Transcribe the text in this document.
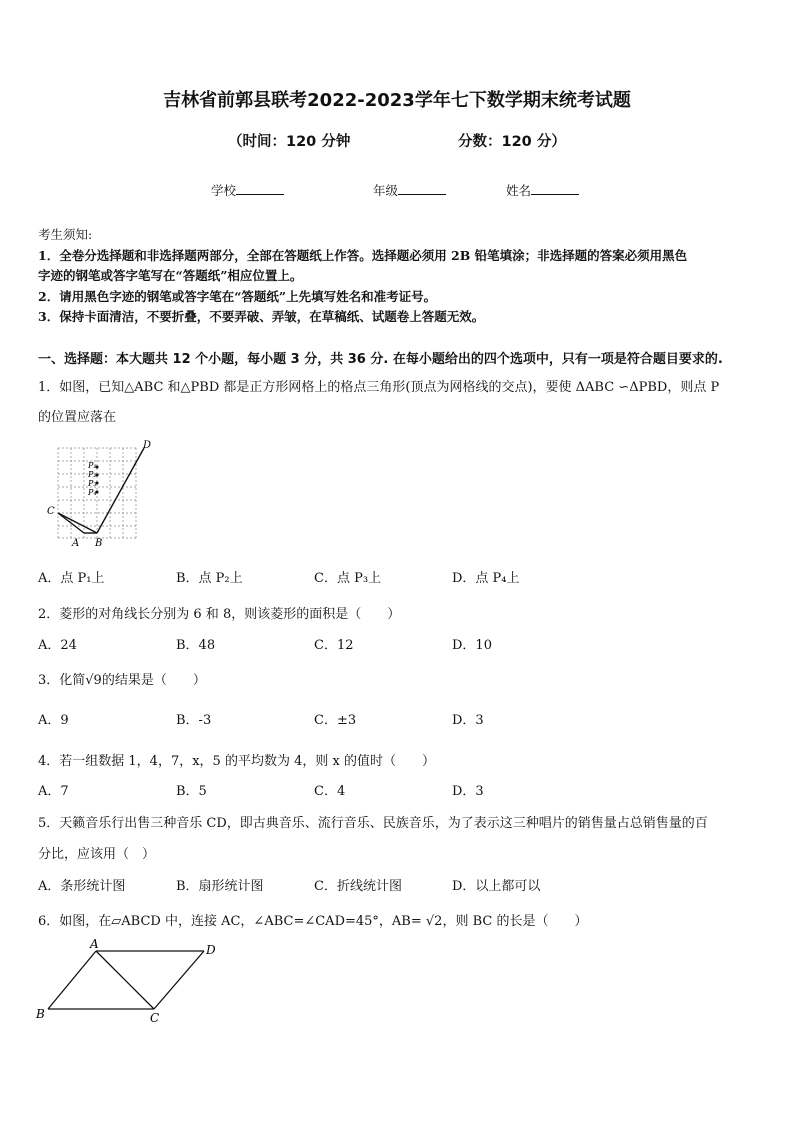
吉林省前郭县联考2022-2023学年七下数学期末统考试题
（时间：120 分钟	分数：120 分）
学校	年级	姓名
考生须知:
1．全卷分选择题和非选择题两部分，全部在答题纸上作答。选择题必须用 2B 铅笔填涂；非选择题的答案必须用黑色
字迹的钢笔或答字笔写在“答题纸”相应位置上。
2．请用黑色字迹的钢笔或答字笔在“答题纸”上先填写姓名和准考证号。
3．保持卡面清洁，不要折叠，不要弄破、弄皱，在草稿纸、试题卷上答题无效。
一、选择题：本大题共 12 个小题，每小题 3 分，共 36 分. 在每小题给出的四个选项中，只有一项是符合题目要求的.
1．如图，已知△ABC 和△PBD 都是正方形网格上的格点三角形(顶点为网格线的交点)，要使 ΔABC ∽ΔPBD，则点 P
的位置应落在
D
P₁
P₂
P₃
P₄
C
A B
A．点 P₁上	B．点 P₂上	C．点 P₃上	D．点 P₄上
2．菱形的对角线长分别为 6 和 8，则该菱形的面积是（　　）
A．24	B．48	C．12	D．10
3．化简√9的结果是（　　）
A．9	B．-3	C．±3	D．3
4．若一组数据 1，4，7，x，5 的平均数为 4，则 x 的值时（　　）
A．7	B．5	C．4	D．3
5．天籁音乐行出售三种音乐 CD，即古典音乐、流行音乐、民族音乐，为了表示这三种唱片的销售量占总销售量的百
分比，应该用（　）
A．条形统计图	B．扇形统计图	C．折线统计图	D．以上都可以
6．如图，在▱ABCD 中，连接 AC，∠ABC=∠CAD=45°，AB= √2，则 BC 的长是（　　）
A	D
B	C
